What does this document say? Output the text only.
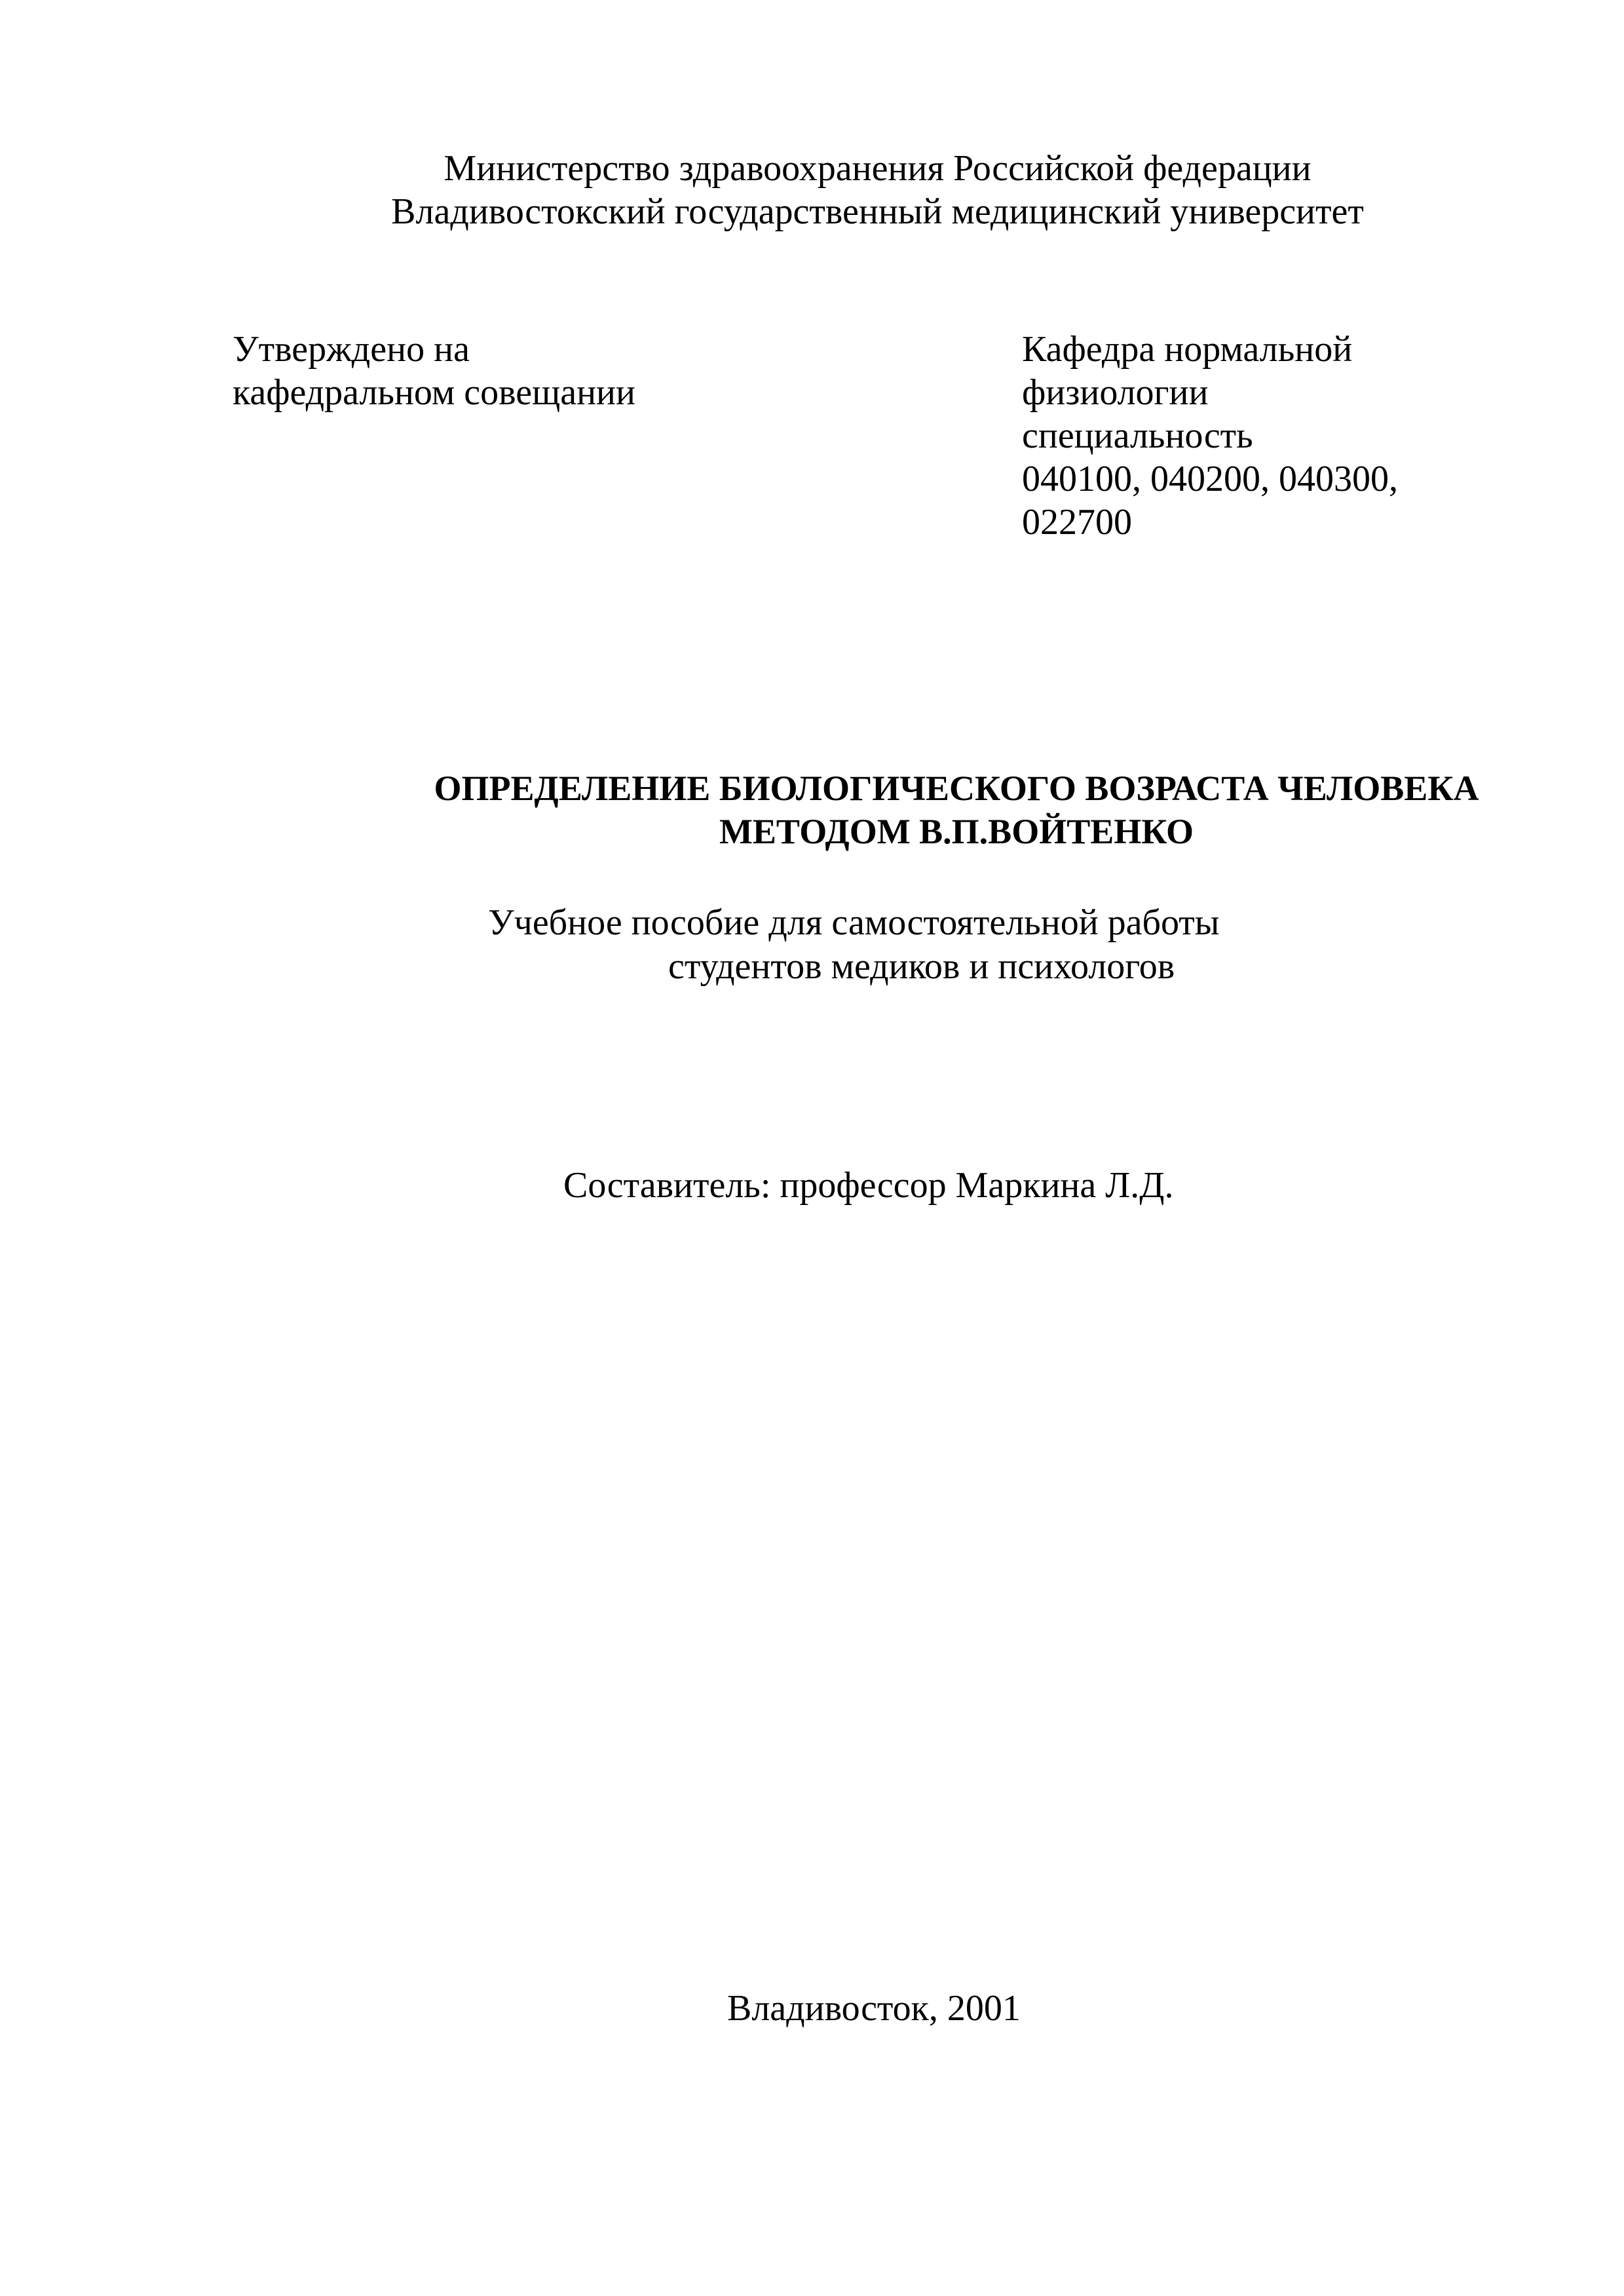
Министерство здравоохранения Российской федерации
Владивостокский государственный медицинский университет
Утверждено на
кафедральном совещании
Кафедра нормальной
физиологии
специальность
040100, 040200, 040300,
022700
ОПРЕДЕЛЕНИЕ БИОЛОГИЧЕСКОГО ВОЗРАСТА ЧЕЛОВЕКА
МЕТОДОМ В.П.ВОЙТЕНКО
Учебное пособие для самостоятельной работы
студентов медиков и психологов
Составитель: профессор Маркина Л.Д.
Владивосток, 2001
